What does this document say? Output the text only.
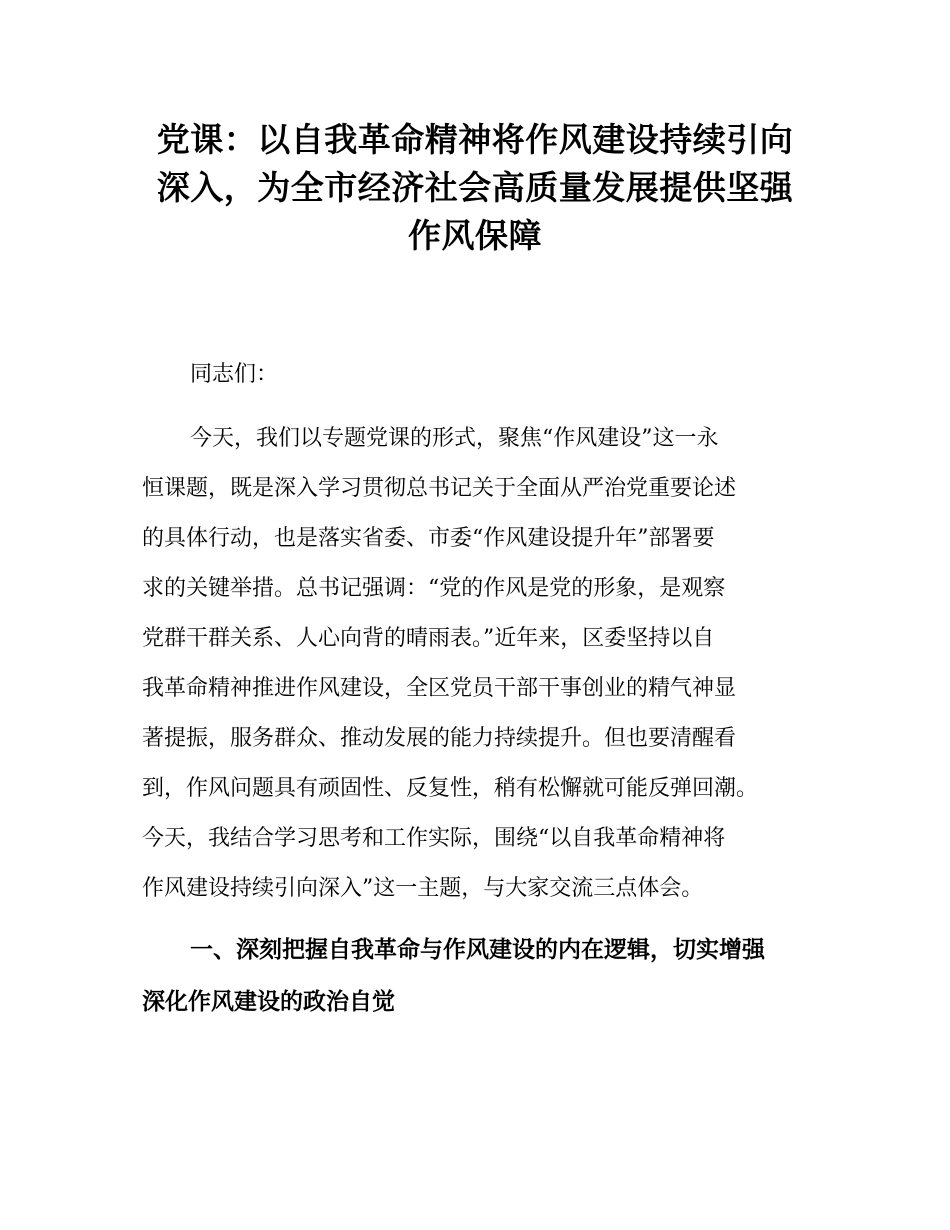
党课：以自我革命精神将作风建设持续引向
深入，为全市经济社会高质量发展提供坚强
作风保障

同志们：

今天，我们以专题党课的形式，聚焦“作风建设”这一永
恒课题，既是深入学习贯彻总书记关于全面从严治党重要论述
的具体行动，也是落实省委、市委“作风建设提升年”部署要
求的关键举措。总书记强调：“党的作风是党的形象，是观察
党群干群关系、人心向背的晴雨表。”近年来，区委坚持以自
我革命精神推进作风建设，全区党员干部干事创业的精气神显
著提振，服务群众、推动发展的能力持续提升。但也要清醒看
到，作风问题具有顽固性、反复性，稍有松懈就可能反弹回潮。
今天，我结合学习思考和工作实际，围绕“以自我革命精神将
作风建设持续引向深入”这一主题，与大家交流三点体会。

一、深刻把握自我革命与作风建设的内在逻辑，切实增强
深化作风建设的政治自觉
